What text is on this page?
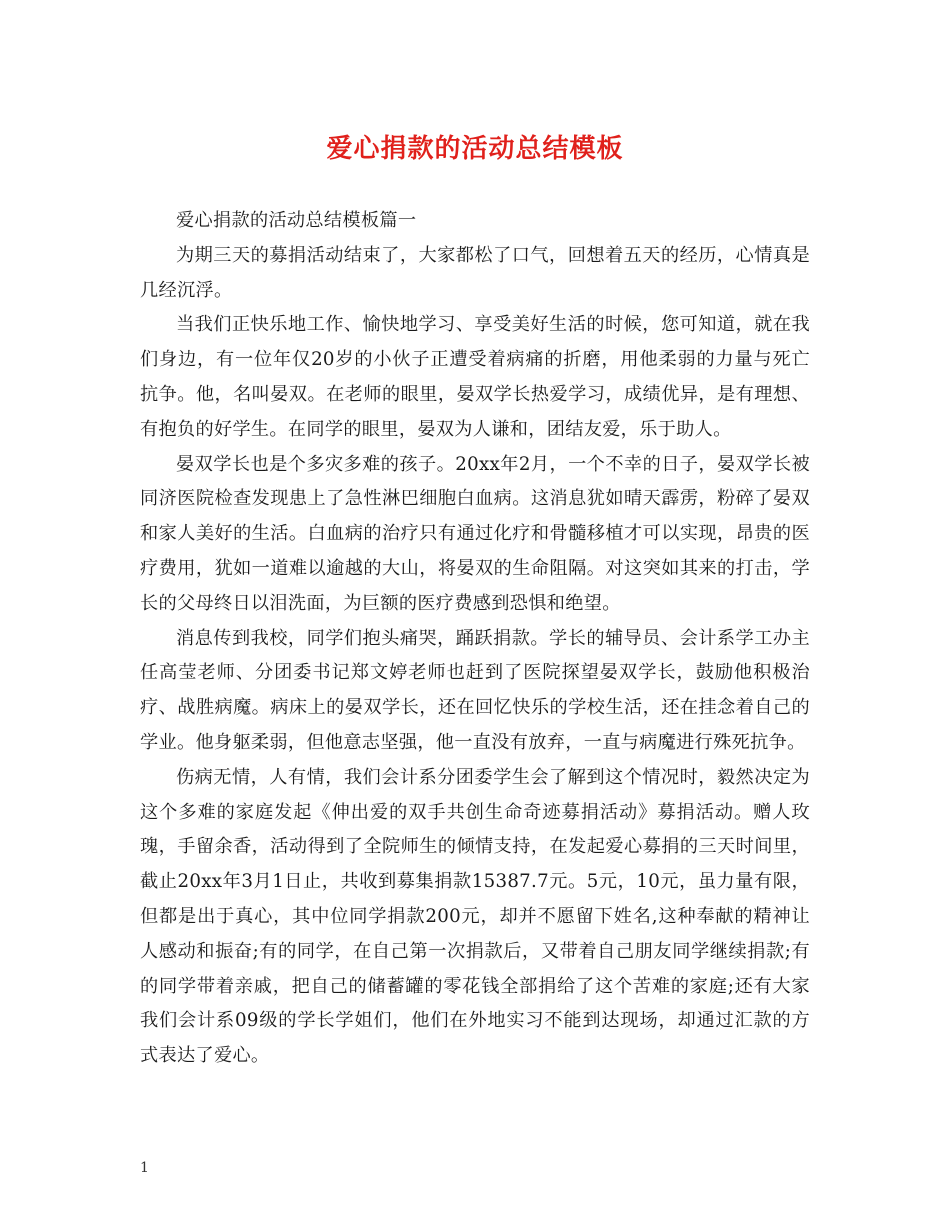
爱心捐款的活动总结模板

爱心捐款的活动总结模板篇一

为期三天的募捐活动结束了，大家都松了口气，回想着五天的经历，心情真是几经沉浮。

当我们正快乐地工作、愉快地学习、享受美好生活的时候，您可知道，就在我们身边，有一位年仅20岁的小伙子正遭受着病痛的折磨，用他柔弱的力量与死亡抗争。他，名叫晏双。在老师的眼里，晏双学长热爱学习，成绩优异，是有理想、有抱负的好学生。在同学的眼里，晏双为人谦和，团结友爱，乐于助人。

晏双学长也是个多灾多难的孩子。20xx年2月，一个不幸的日子，晏双学长被同济医院检查发现患上了急性淋巴细胞白血病。这消息犹如晴天霹雳，粉碎了晏双和家人美好的生活。白血病的治疗只有通过化疗和骨髓移植才可以实现，昂贵的医疗费用，犹如一道难以逾越的大山，将晏双的生命阻隔。对这突如其来的打击，学长的父母终日以泪洗面，为巨额的医疗费感到恐惧和绝望。

消息传到我校，同学们抱头痛哭，踊跃捐款。学长的辅导员、会计系学工办主任高莹老师、分团委书记郑文婷老师也赶到了医院探望晏双学长，鼓励他积极治疗、战胜病魔。病床上的晏双学长，还在回忆快乐的学校生活，还在挂念着自己的学业。他身躯柔弱，但他意志坚强，他一直没有放弃，一直与病魔进行殊死抗争。

伤病无情，人有情，我们会计系分团委学生会了解到这个情况时，毅然决定为这个多难的家庭发起《伸出爱的双手共创生命奇迹募捐活动》募捐活动。赠人玫瑰，手留余香，活动得到了全院师生的倾情支持，在发起爱心募捐的三天时间里，截止20xx年3月1日止，共收到募集捐款15387.7元。5元，10元，虽力量有限，但都是出于真心，其中位同学捐款200元，却并不愿留下姓名,这种奉献的精神让人感动和振奋;有的同学，在自己第一次捐款后，又带着自己朋友同学继续捐款;有的同学带着亲戚，把自己的储蓄罐的零花钱全部捐给了这个苦难的家庭;还有大家我们会计系09级的学长学姐们，他们在外地实习不能到达现场，却通过汇款的方式表达了爱心。

1
